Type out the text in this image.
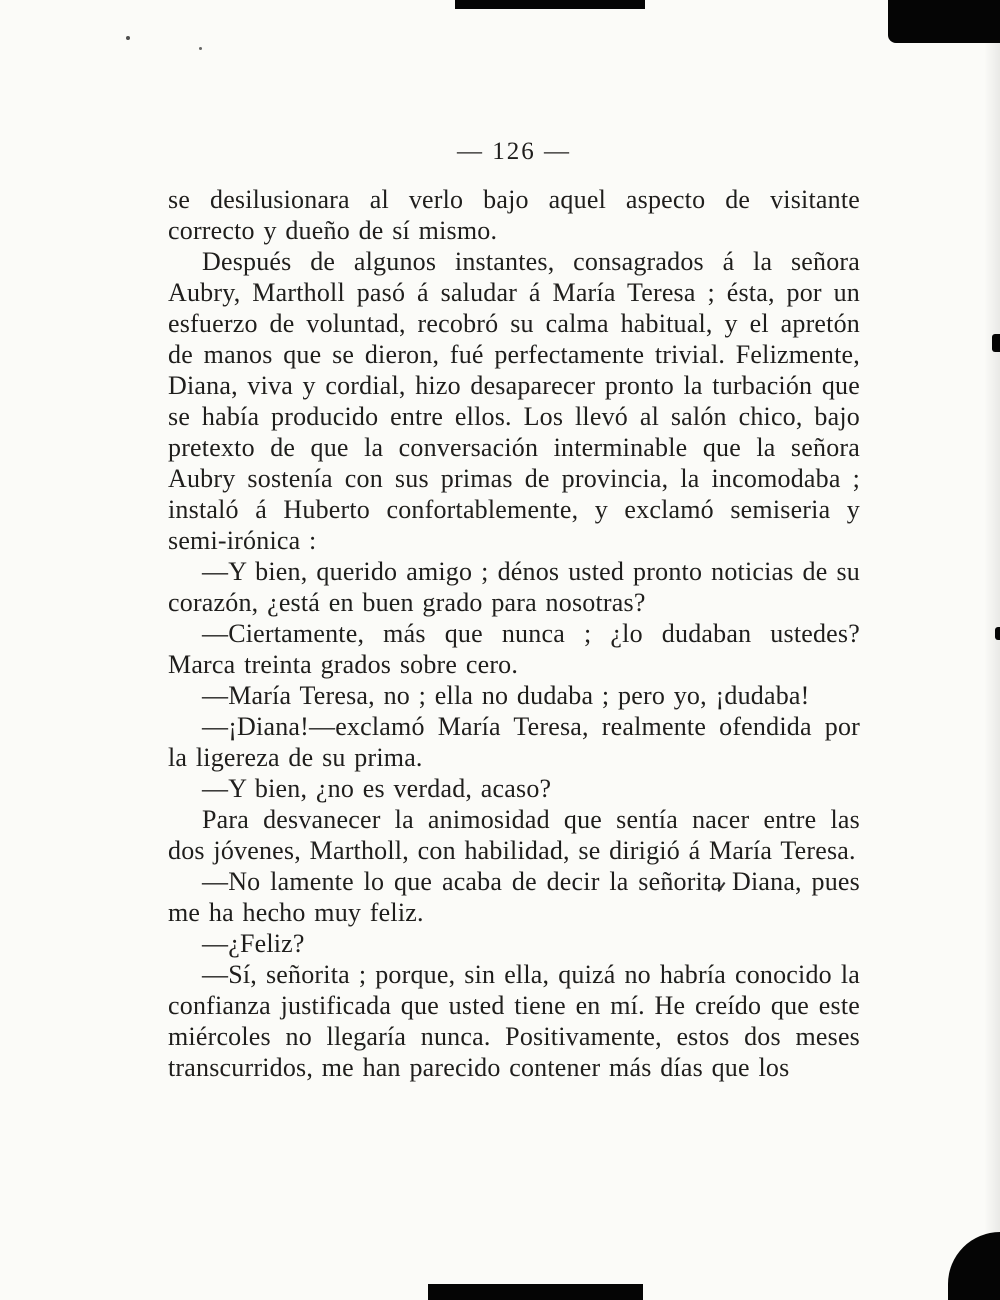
— 126 —

se desilusionara al verlo bajo aquel aspecto de visitante correcto y dueño de sí mismo.

Después de algunos instantes, consagrados á la señora Aubry, Martholl pasó á saludar á María Teresa ; ésta, por un esfuerzo de voluntad, recobró su calma habitual, y el apretón de manos que se dieron, fué perfectamente trivial. Felizmente, Diana, viva y cordial, hizo desaparecer pronto la turbación que se había producido entre ellos. Los llevó al salón chico, bajo pretexto de que la conversación interminable que la señora Aubry sostenía con sus primas de provincia, la incomodaba ; instaló á Huberto confortablemente, y exclamó semiseria y semi-irónica :

—Y bien, querido amigo ; dénos usted pronto noticias de su corazón, ¿está en buen grado para nosotras?

—Ciertamente, más que nunca ; ¿lo dudaban ustedes? Marca treinta grados sobre cero.

—María Teresa, no ; ella no dudaba ; pero yo, ¡dudaba!

—¡Diana!—exclamó María Teresa, realmente ofendida por la ligereza de su prima.

—Y bien, ¿no es verdad, acaso?

Para desvanecer la animosidad que sentía nacer entre las dos jóvenes, Martholl, con habilidad, se dirigió á María Teresa.

—No lamente lo que acaba de decir la señorita Diana, pues me ha hecho muy feliz.

—¿Feliz?

—Sí, señorita ; porque, sin ella, quizá no habría conocido la confianza justificada que usted tiene en mí. He creído que este miércoles no llegaría nunca. Positivamente, estos dos meses transcurridos, me han parecido contener más días que los
